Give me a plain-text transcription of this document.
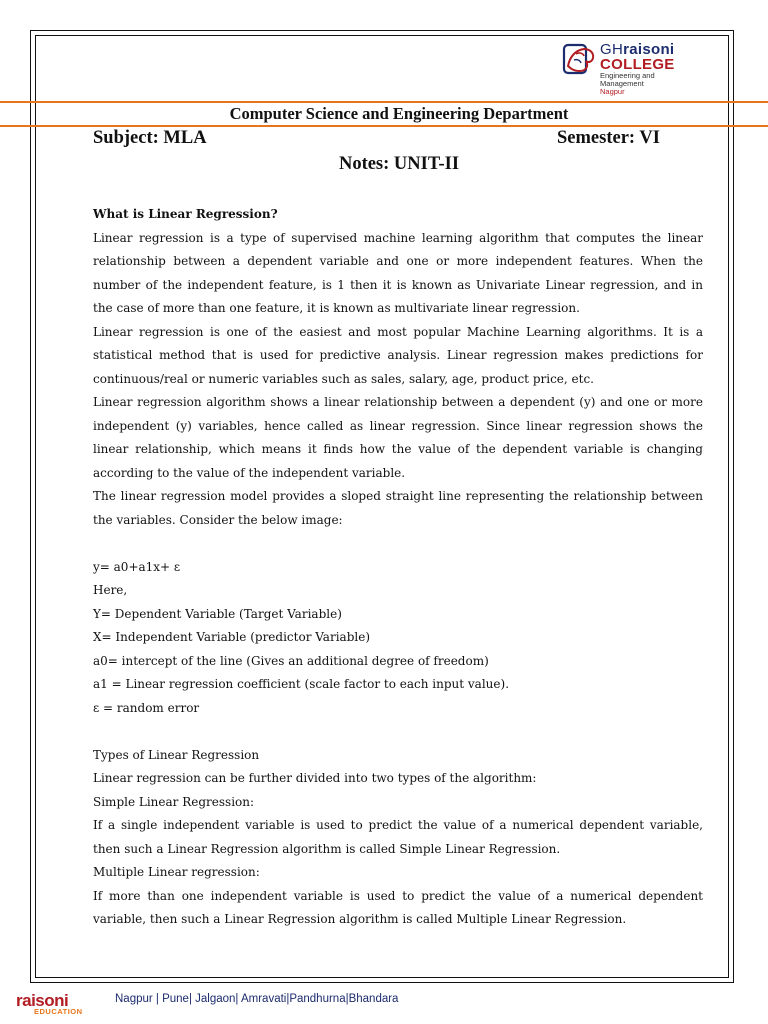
GHraisoni
COLLEGE
Engineering and
Management
Nagpur
Computer Science and Engineering Department
Subject: MLA	Semester: VI
Notes: UNIT-II

What is Linear Regression?

Linear regression is a type of supervised machine learning algorithm that computes the linear relationship between a dependent variable and one or more independent features. When the number of the independent feature, is 1 then it is known as Univariate Linear regression, and in the case of more than one feature, it is known as multivariate linear regression.

Linear regression is one of the easiest and most popular Machine Learning algorithms. It is a statistical method that is used for predictive analysis. Linear regression makes predictions for continuous/real or numeric variables such as sales, salary, age, product price, etc.

Linear regression algorithm shows a linear relationship between a dependent (y) and one or more independent (y) variables, hence called as linear regression. Since linear regression shows the linear relationship, which means it finds how the value of the dependent variable is changing according to the value of the independent variable.

The linear regression model provides a sloped straight line representing the relationship between the variables. Consider the below image:

y= a0+a1x+ ε

Here,

Y= Dependent Variable (Target Variable)

X= Independent Variable (predictor Variable)

a0= intercept of the line (Gives an additional degree of freedom)

a1 = Linear regression coefficient (scale factor to each input value).

ε = random error

Types of Linear Regression

Linear regression can be further divided into two types of the algorithm:

Simple Linear Regression:

If a single independent variable is used to predict the value of a numerical dependent variable, then such a Linear Regression algorithm is called Simple Linear Regression.

Multiple Linear regression:

If more than one independent variable is used to predict the value of a numerical dependent variable, then such a Linear Regression algorithm is called Multiple Linear Regression.

raisoni
EDUCATION
Nagpur | Pune| Jalgaon| Amravati|Pandhurna|Bhandara
